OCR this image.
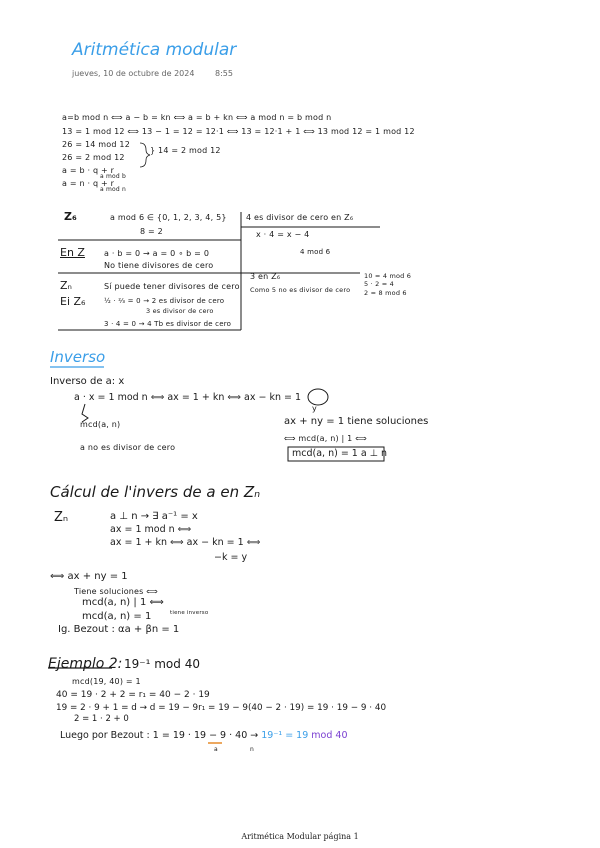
Aritmética modular
jueves, 10 de octubre de 2024	8:55
a=b mod n ⟺ a − b = kn ⟺ a = b + kn ⟺ a mod n = b mod n
13 = 1 mod 12 ⟺ 13 − 1 = 12 = 12·1 ⟺ 13 = 12·1 + 1 ⟺ 13 mod 12 = 1 mod 12
26 = 14 mod 12
26 = 2 mod 12
} 14 = 2 mod 12
a = b · q + r
a mod b
a = n · q + r
a mod n
Z₆	a mod 6 ∈ {0, 1, 2, 3, 4, 5}
8 = 2
En Z a · b = 0 → a = 0 ∘ b = 0
No tiene divisores de cero
Zₙ
Ei Z₆
Sí puede tener divisores de cero
½ · ⅔ = 0 → 2 es divisor de cero
3 es divisor de cero
3 · 4 = 0 → 4 Tb es divisor de cero
4 es divisor de cero en Z₆
x · 4 = x − 4
4 mod 6
3 en Z₆
Como 5 no es divisor de cero
10 = 4 mod 6
5 · 2 = 4
2 = 8 mod 6
Inverso
Inverso de a: x
a · x = 1 mod n ⟺ ax = 1 + kn ⟺ ax − kn = 1
y
mcd(a, n)
a no es divisor de cero
ax + ny = 1 tiene soluciones
⟺ mcd(a, n) | 1 ⟺
mcd(a, n) = 1 a ⊥ n
Cálcul de l'invers de a en Zₙ
Zₙ	a ⊥ n → ∃ a⁻¹ = x
ax = 1 mod n ⟺
ax = 1 + kn ⟺ ax − kn = 1 ⟺
−k = y
⟺ ax + ny = 1
Tiene soluciones ⟺
mcd(a, n) | 1 ⟺
mcd(a, n) = 1	tiene inverso
Ig. Bezout : αa + βn = 1
Ejemplo 2: 19⁻¹ mod 40
mcd(19, 40) = 1
40 = 19 · 2 + 2 = r₁ = 40 − 2 · 19
19 = 2 · 9 + 1 = d → d = 19 − 9r₁ = 19 − 9(40 − 2 · 19) = 19 · 19 − 9 · 40
2 = 1 · 2 + 0
Luego por Bezout : 1 = 19 · 19 − 9 · 40 → 19⁻¹ = 19 mod 40
a	n
Aritmética Modular página 1
